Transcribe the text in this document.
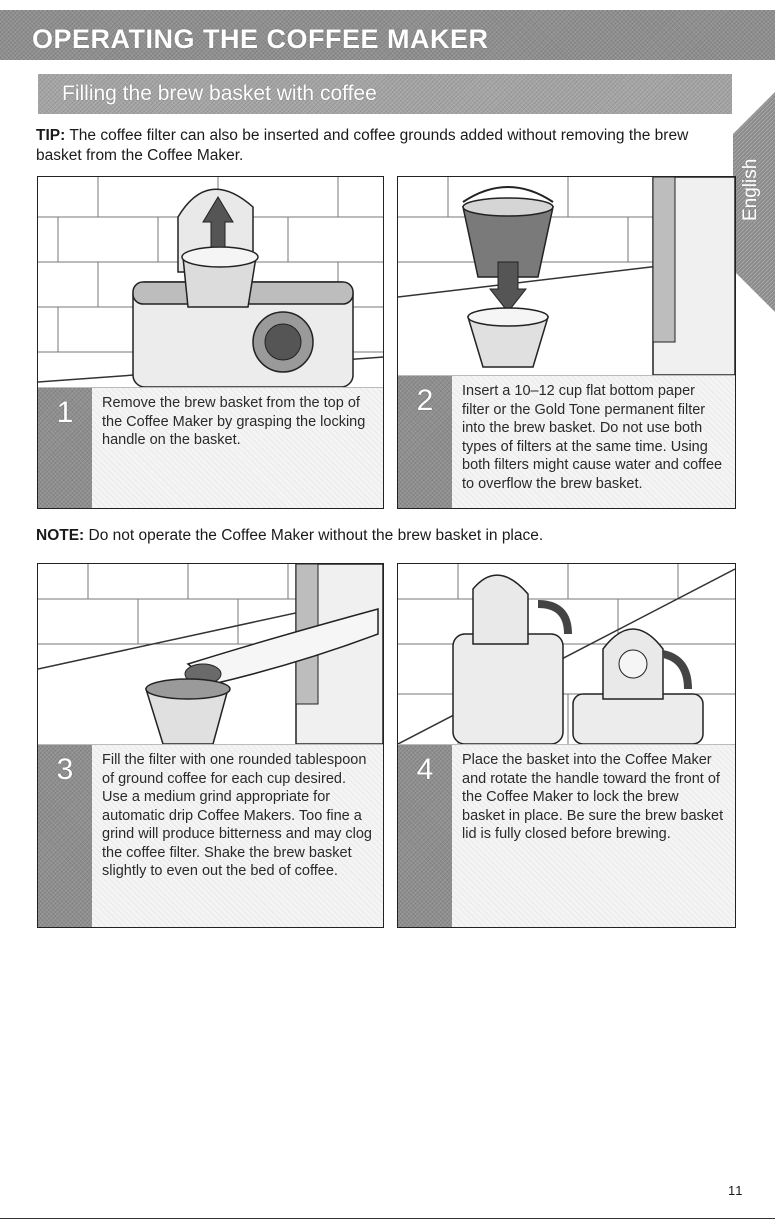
OPERATING THE COFFEE MAKER
Filling the brew basket with coffee
English
TIP: The coffee filter can also be inserted and coffee grounds added without removing the brew basket from the Coffee Maker.
1	Remove the brew basket from the top of the Coffee Maker by grasping the locking handle on the basket.
2	Insert a 10–12 cup flat bottom paper filter or the Gold Tone permanent filter into the brew basket. Do not use both types of filters at the same time. Using both filters might cause water and coffee to overflow the brew basket.
NOTE: Do not operate the Coffee Maker without the brew basket in place.
3	Fill the filter with one rounded tablespoon of ground coffee for each cup desired. Use a medium grind appropriate for automatic drip Coffee Makers. Too fine a grind will produce bitterness and may clog the coffee filter. Shake the brew basket slightly to even out the bed of coffee.
4	Place the basket into the Coffee Maker and rotate the handle toward the front of the Coffee Maker to lock the brew basket in place. Be sure the brew basket lid is fully closed before brewing.
11
